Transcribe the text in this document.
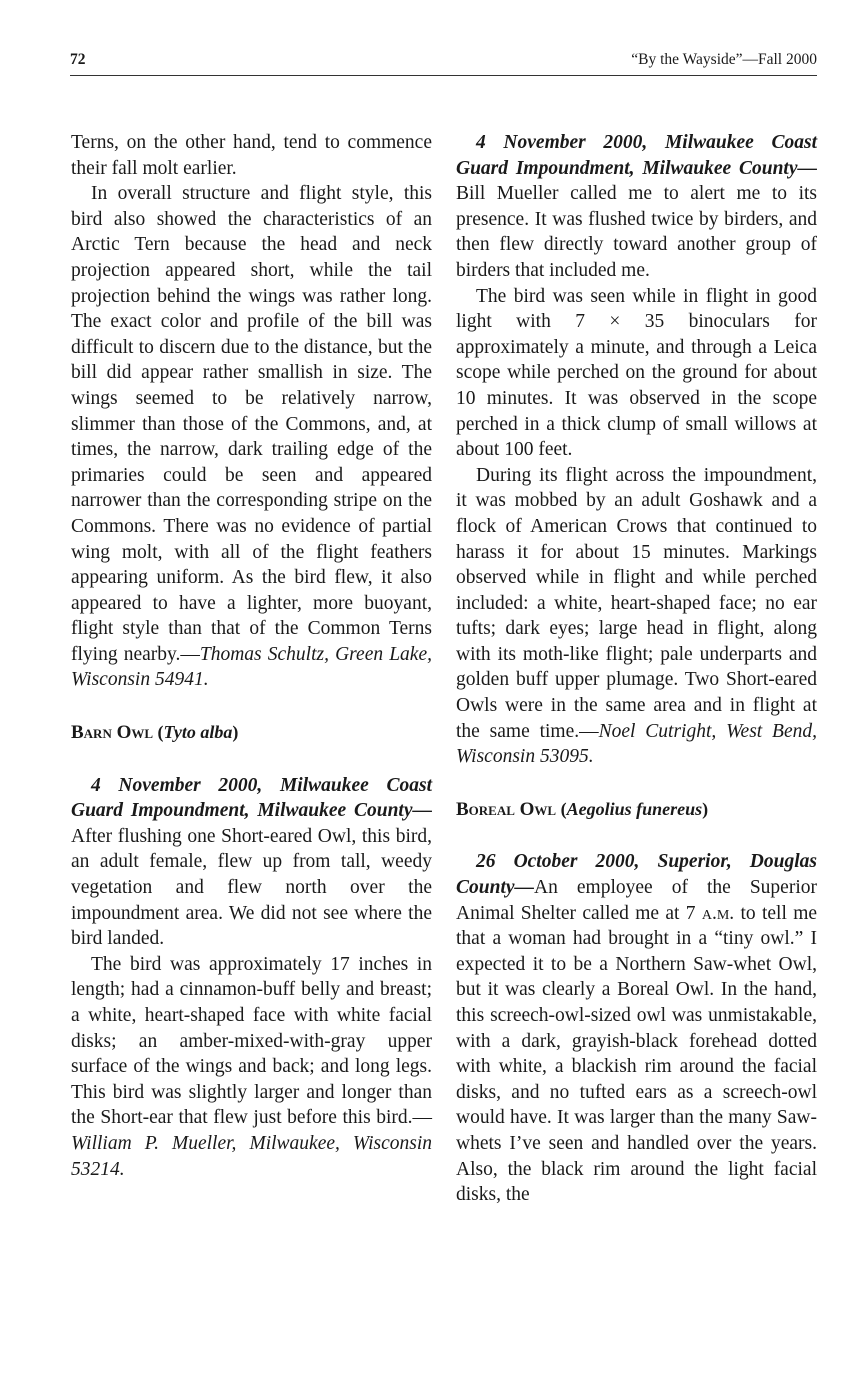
72	“By the Wayside”—Fall 2000

Terns, on the other hand, tend to commence their fall molt earlier.

In overall structure and flight style, this bird also showed the characteristics of an Arctic Tern because the head and neck projection appeared short, while the tail projection behind the wings was rather long. The exact color and profile of the bill was difficult to discern due to the distance, but the bill did appear rather smallish in size. The wings seemed to be relatively narrow, slimmer than those of the Commons, and, at times, the narrow, dark trailing edge of the primaries could be seen and appeared narrower than the corresponding stripe on the Commons. There was no evidence of partial wing molt, with all of the flight feathers appearing uniform. As the bird flew, it also appeared to have a lighter, more buoyant, flight style than that of the Common Terns flying nearby.—Thomas Schultz, Green Lake, Wisconsin 54941.

Barn Owl (Tyto alba)

4 November 2000, Milwaukee Coast Guard Impoundment, Milwaukee County—After flushing one Short-eared Owl, this bird, an adult female, flew up from tall, weedy vegetation and flew north over the impoundment area. We did not see where the bird landed.

The bird was approximately 17 inches in length; had a cinnamon-buff belly and breast; a white, heart-shaped face with white facial disks; an amber-mixed-with-gray upper surface of the wings and back; and long legs. This bird was slightly larger and longer than the Short-ear that flew just before this bird.—William P. Mueller, Milwaukee, Wisconsin 53214.

4 November 2000, Milwaukee Coast Guard Impoundment, Milwaukee County—Bill Mueller called me to alert me to its presence. It was flushed twice by birders, and then flew directly toward another group of birders that included me.

The bird was seen while in flight in good light with 7 × 35 binoculars for approximately a minute, and through a Leica scope while perched on the ground for about 10 minutes. It was observed in the scope perched in a thick clump of small willows at about 100 feet.

During its flight across the impoundment, it was mobbed by an adult Goshawk and a flock of American Crows that continued to harass it for about 15 minutes. Markings observed while in flight and while perched included: a white, heart-shaped face; no ear tufts; dark eyes; large head in flight, along with its moth-like flight; pale underparts and golden buff upper plumage. Two Short-eared Owls were in the same area and in flight at the same time.—Noel Cutright, West Bend, Wisconsin 53095.

Boreal Owl (Aegolius funereus)

26 October 2000, Superior, Douglas County—An employee of the Superior Animal Shelter called me at 7 a.m. to tell me that a woman had brought in a “tiny owl.” I expected it to be a Northern Saw-whet Owl, but it was clearly a Boreal Owl. In the hand, this screech-owl-sized owl was unmistakable, with a dark, grayish-black forehead dotted with white, a blackish rim around the facial disks, and no tufted ears as a screech-owl would have. It was larger than the many Saw-whets I’ve seen and handled over the years. Also, the black rim around the light facial disks, the
